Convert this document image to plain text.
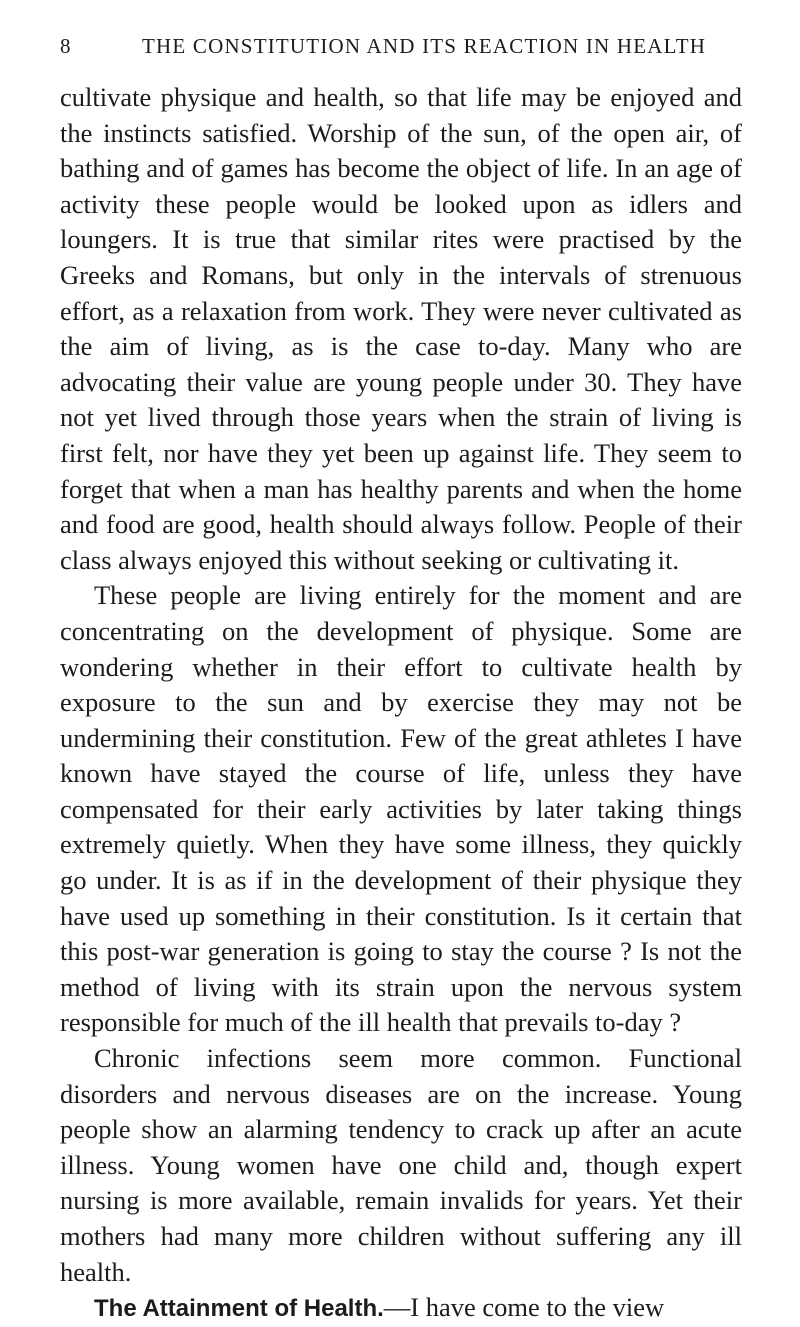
8	THE CONSTITUTION AND ITS REACTION IN HEALTH

cultivate physique and health, so that life may be enjoyed and the instincts satisfied. Worship of the sun, of the open air, of bathing and of games has become the object of life. In an age of activity these people would be looked upon as idlers and loungers. It is true that similar rites were practised by the Greeks and Romans, but only in the intervals of strenuous effort, as a relaxation from work. They were never cultivated as the aim of living, as is the case to-day. Many who are advocating their value are young people under 30. They have not yet lived through those years when the strain of living is first felt, nor have they yet been up against life. They seem to forget that when a man has healthy parents and when the home and food are good, health should always follow. People of their class always enjoyed this without seeking or cultivating it.

These people are living entirely for the moment and are concentrating on the development of physique. Some are wondering whether in their effort to cultivate health by exposure to the sun and by exercise they may not be undermining their constitution. Few of the great athletes I have known have stayed the course of life, unless they have compensated for their early activities by later taking things extremely quietly. When they have some illness, they quickly go under. It is as if in the development of their physique they have used up something in their constitution. Is it certain that this post-war generation is going to stay the course ? Is not the method of living with its strain upon the nervous system responsible for much of the ill health that prevails to-day ?

Chronic infections seem more common. Functional disorders and nervous diseases are on the increase. Young people show an alarming tendency to crack up after an acute illness. Young women have one child and, though expert nursing is more available, remain invalids for years. Yet their mothers had many more children without suffering any ill health.

The Attainment of Health.—I have come to the view
